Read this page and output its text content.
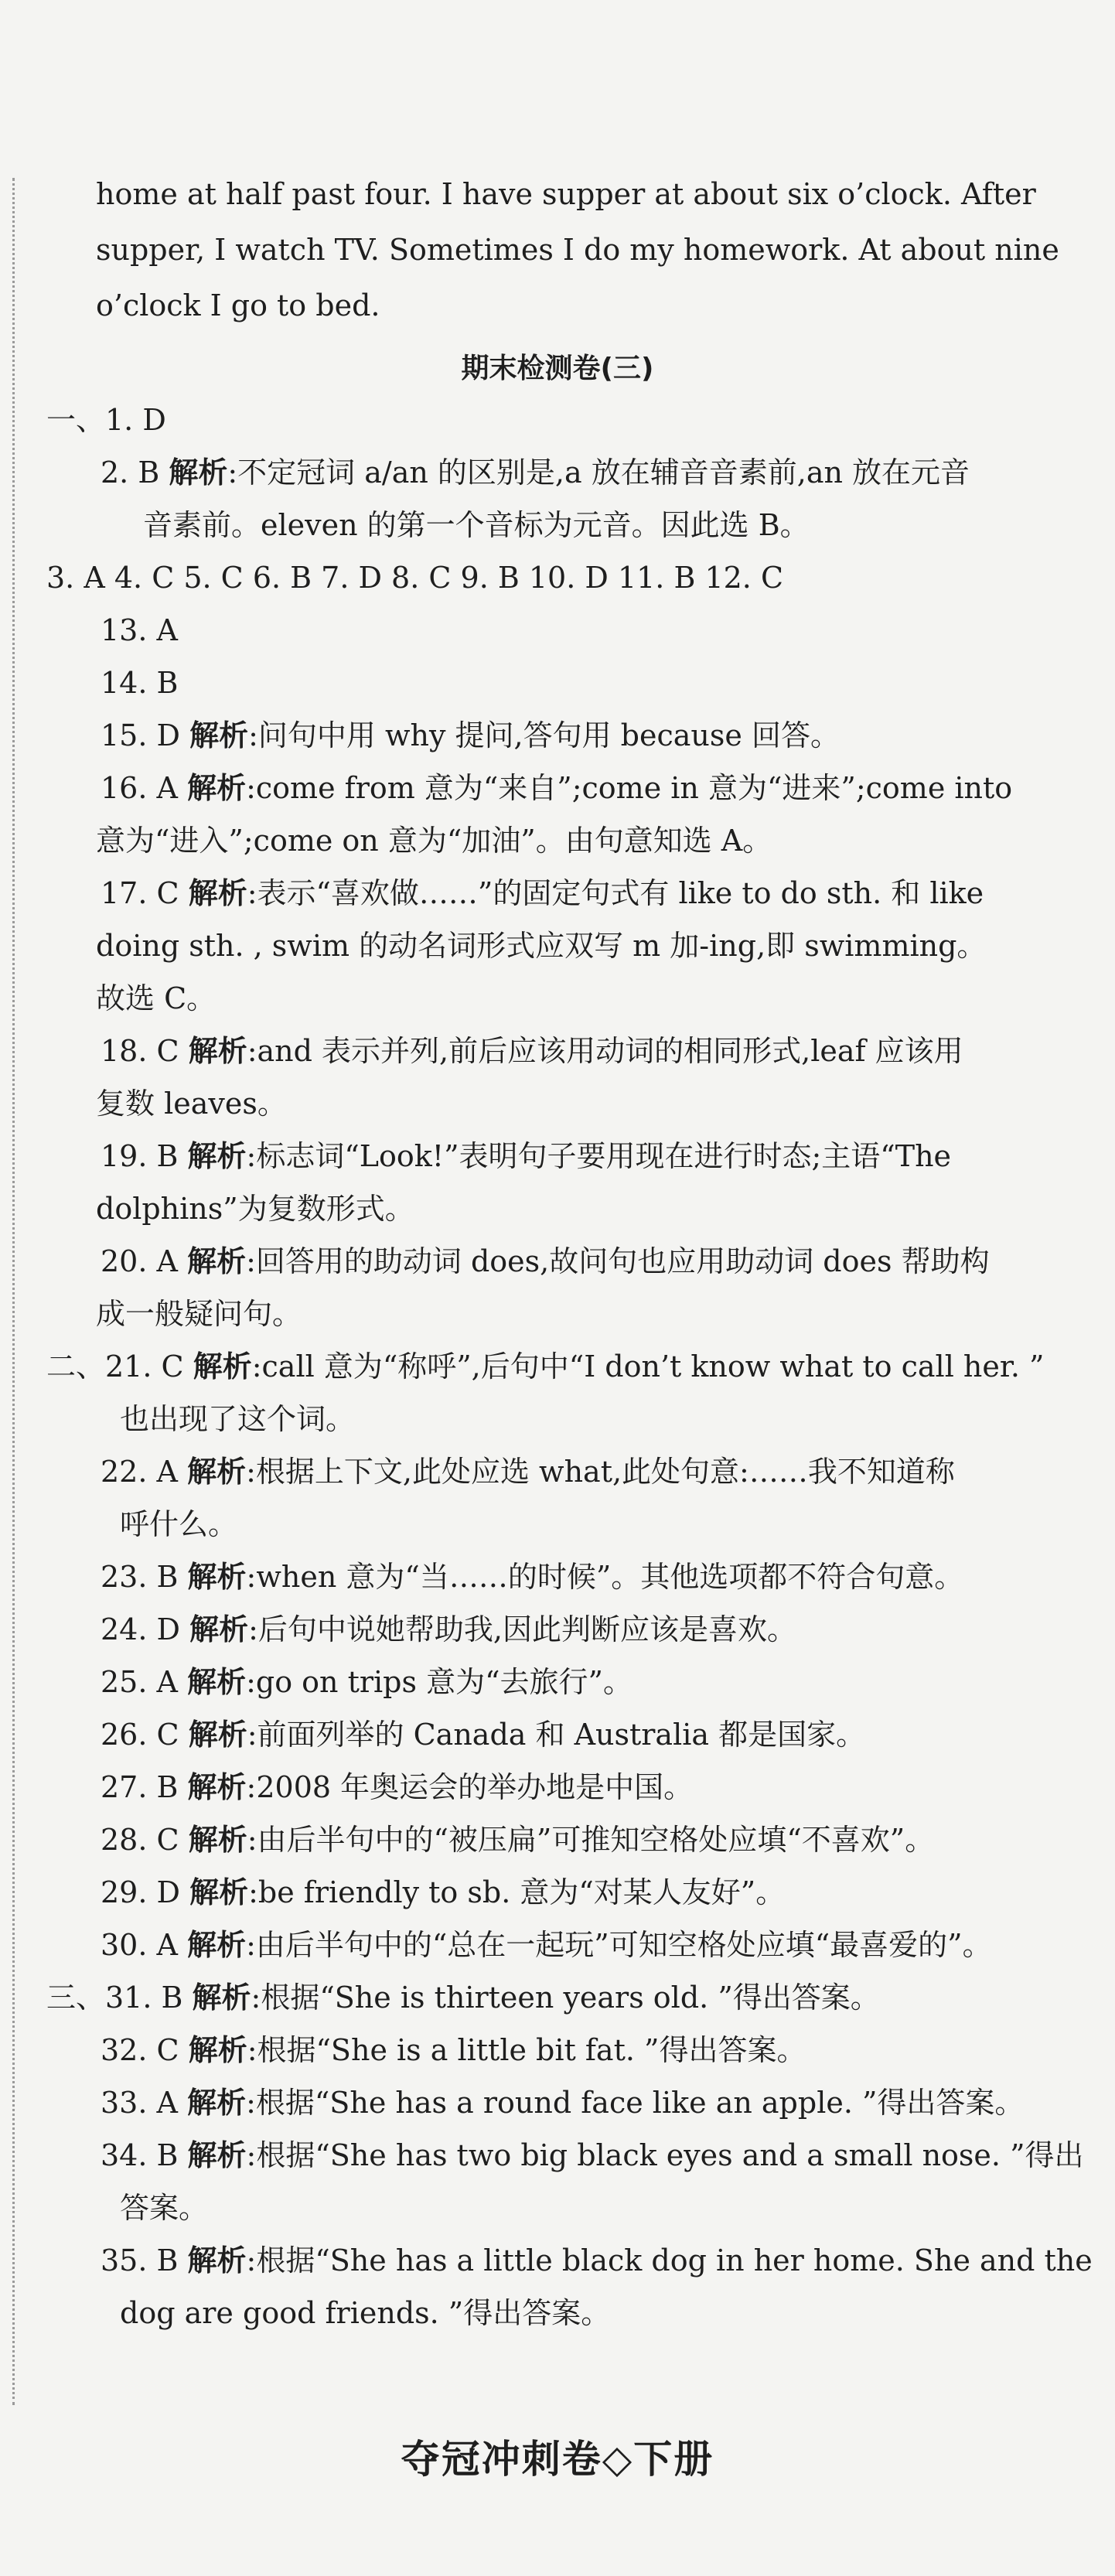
home at half past four. I have supper at about six o’clock. After
supper, I watch TV. Sometimes I do my homework. At about nine
o’clock I go to bed.
期末检测卷(三)
一、1. D
2. B 解析:不定冠词 a/an 的区别是,a 放在辅音音素前,an 放在元音
音素前。eleven 的第一个音标为元音。因此选 B。
3. A 4. C 5. C 6. B 7. D 8. C 9. B 10. D 11. B 12. C
13. A
14. B
15. D 解析:问句中用 why 提问,答句用 because 回答。
16. A 解析:come from 意为“来自”;come in 意为“进来”;come into
意为“进入”;come on 意为“加油”。由句意知选 A。
17. C 解析:表示“喜欢做……”的固定句式有 like to do sth. 和 like
doing sth. , swim 的动名词形式应双写 m 加-ing,即 swimming。
故选 C。
18. C 解析:and 表示并列,前后应该用动词的相同形式,leaf 应该用
复数 leaves。
19. B 解析:标志词“Look!”表明句子要用现在进行时态;主语“The
dolphins”为复数形式。
20. A 解析:回答用的助动词 does,故问句也应用助动词 does 帮助构
成一般疑问句。
二、21. C 解析:call 意为“称呼”,后句中“I don’t know what to call her. ”
也出现了这个词。
22. A 解析:根据上下文,此处应选 what,此处句意:……我不知道称
呼什么。
23. B 解析:when 意为“当……的时候”。其他选项都不符合句意。
24. D 解析:后句中说她帮助我,因此判断应该是喜欢。
25. A 解析:go on trips 意为“去旅行”。
26. C 解析:前面列举的 Canada 和 Australia 都是国家。
27. B 解析:2008 年奥运会的举办地是中国。
28. C 解析:由后半句中的“被压扁”可推知空格处应填“不喜欢”。
29. D 解析:be friendly to sb. 意为“对某人友好”。
30. A 解析:由后半句中的“总在一起玩”可知空格处应填“最喜爱的”。
三、31. B 解析:根据“She is thirteen years old. ”得出答案。
32. C 解析:根据“She is a little bit fat. ”得出答案。
33. A 解析:根据“She has a round face like an apple. ”得出答案。
34. B 解析:根据“She has two big black eyes and a small nose. ”得出
答案。
35. B 解析:根据“She has a little black dog in her home. She and the
dog are good friends. ”得出答案。
夺冠冲刺卷◇下册
